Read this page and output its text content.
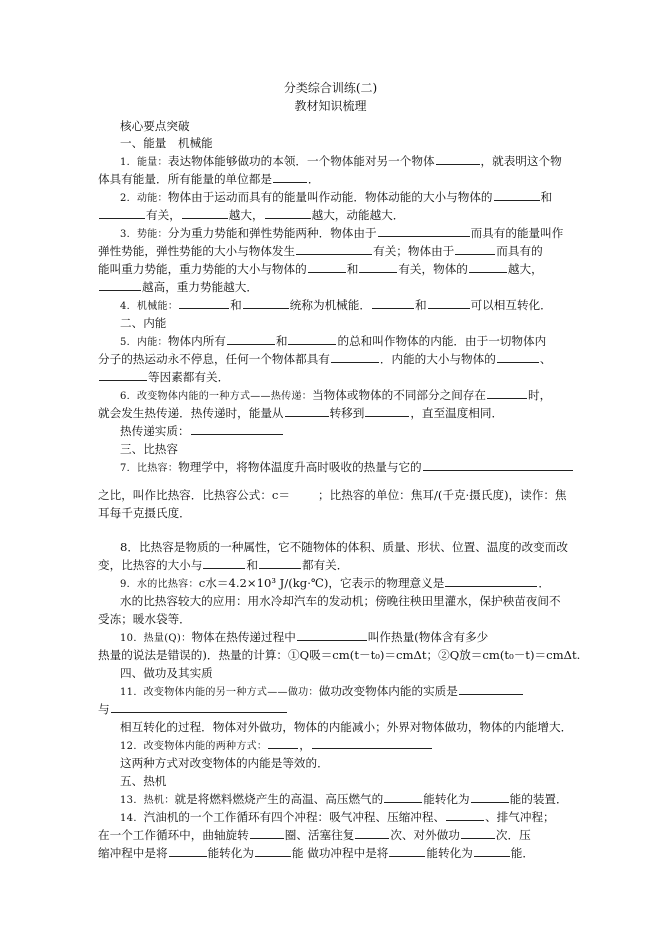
分类综合训练(二)
教材知识梳理
核心要点突破
一、能量　机械能
1．能量：表达物体能够做功的本领．一个物体能对另一个物体	，就表明这个物
体具有能量．所有能量的单位都是	．
2．动能：物体由于运动而具有的能量叫作动能．物体动能的大小与物体的	和
有关，	越大，	越大，动能越大．
3．势能：分为重力势能和弹性势能两种．物体由于	而具有的能量叫作
弹性势能，弹性势能的大小与物体发生	有关；物体由于	而具有的
能叫重力势能，重力势能的大小与物体的	和	有关，物体的	越大，
越高，重力势能越大．
4．机械能：	和	统称为机械能．	和	可以相互转化．
二、内能
5．内能：物体内所有	和	的总和叫作物体的内能．由于一切物体内
分子的热运动永不停息，任何一个物体都具有	．内能的大小与物体的	、
等因素都有关．
6．改变物体内能的一种方式——热传递：当物体或物体的不同部分之间存在	时，
就会发生热传递．热传递时，能量从	转移到	，直至温度相同．
热传递实质：
三、比热容
7．比热容：物理学中，将物体温度升高时吸收的热量与它的
之比，叫作比热容．比热容公式：c＝ ；比热容的单位：焦耳/(千克·摄氏度)，读作：焦
耳每千克摄氏度．
8．比热容是物质的一种属性，它不随物体的体积、质量、形状、位置、温度的改变而改
变，比热容的大小与	和	都有关．
9．水的比热容：c水＝4.2×10³ J/(kg·℃)，它表示的物理意义是	．
水的比热容较大的应用：用水冷却汽车的发动机；傍晚往秧田里灌水，保护秧苗夜间不
受冻；暖水袋等．
10．热量(Q)：物体在热传递过程中	叫作热量(物体含有多少
热量的说法是错误的)．热量的计算：①Q吸＝cm(t－t₀)＝cmΔt；②Q放＝cm(t₀－t)＝cmΔt.
四、做功及其实质
11．改变物体内能的另一种方式——做功：做功改变物体内能的实质是
与
相互转化的过程．物体对外做功，物体的内能减小；外界对物体做功，物体的内能增大．
12．改变物体内能的两种方式：	，
这两种方式对改变物体的内能是等效的．
五、热机
13．热机：就是将燃料燃烧产生的高温、高压燃气的	能转化为	能的装置．
14．汽油机的一个工作循环有四个冲程：吸气冲程、压缩冲程、	、排气冲程；
在一个工作循环中，曲轴旋转	圈、活塞往复	次、对外做功	次．压
缩冲程中是将	能转化为	能 做功冲程中是将	能转化为	能．
